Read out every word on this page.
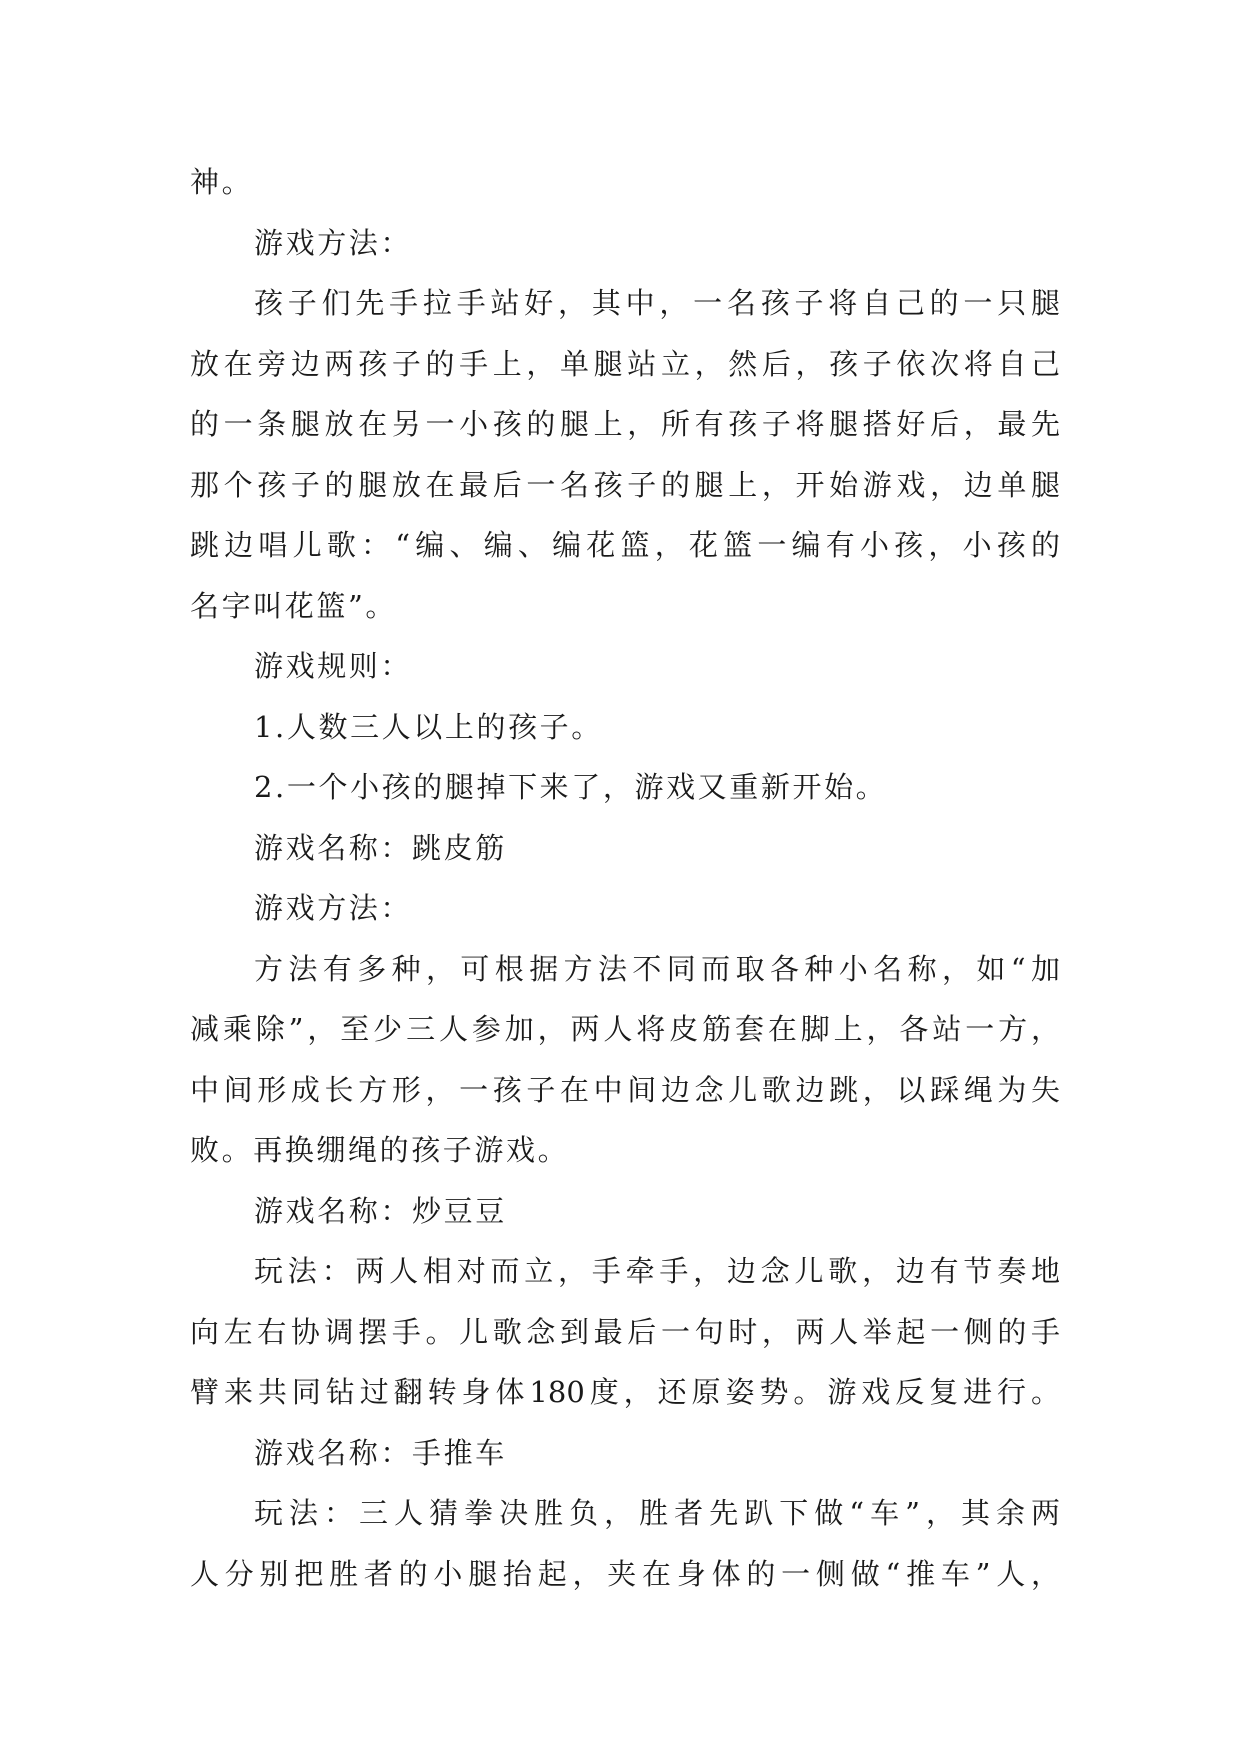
神。
游戏方法：
孩子们先手拉手站好，其中，一名孩子将自己的一只腿
放在旁边两孩子的手上，单腿站立，然后，孩子依次将自己
的一条腿放在另一小孩的腿上，所有孩子将腿搭好后，最先
那个孩子的腿放在最后一名孩子的腿上，开始游戏，边单腿
跳边唱儿歌：“编、编、编花篮，花篮一编有小孩，小孩的
名字叫花篮”。
游戏规则：
1.人数三人以上的孩子。
2.一个小孩的腿掉下来了，游戏又重新开始。
游戏名称：跳皮筋
游戏方法：
方法有多种，可根据方法不同而取各种小名称，如“加
减乘除”，至少三人参加，两人将皮筋套在脚上，各站一方，
中间形成长方形，一孩子在中间边念儿歌边跳，以踩绳为失
败。再换绷绳的孩子游戏。
游戏名称：炒豆豆
玩法：两人相对而立，手牵手，边念儿歌，边有节奏地
向左右协调摆手。儿歌念到最后一句时，两人举起一侧的手
臂来共同钻过翻转身体180度，还原姿势。游戏反复进行。
游戏名称：手推车
玩法：三人猜拳决胜负，胜者先趴下做“车”，其余两
人分别把胜者的小腿抬起，夹在身体的一侧做“推车”人，
